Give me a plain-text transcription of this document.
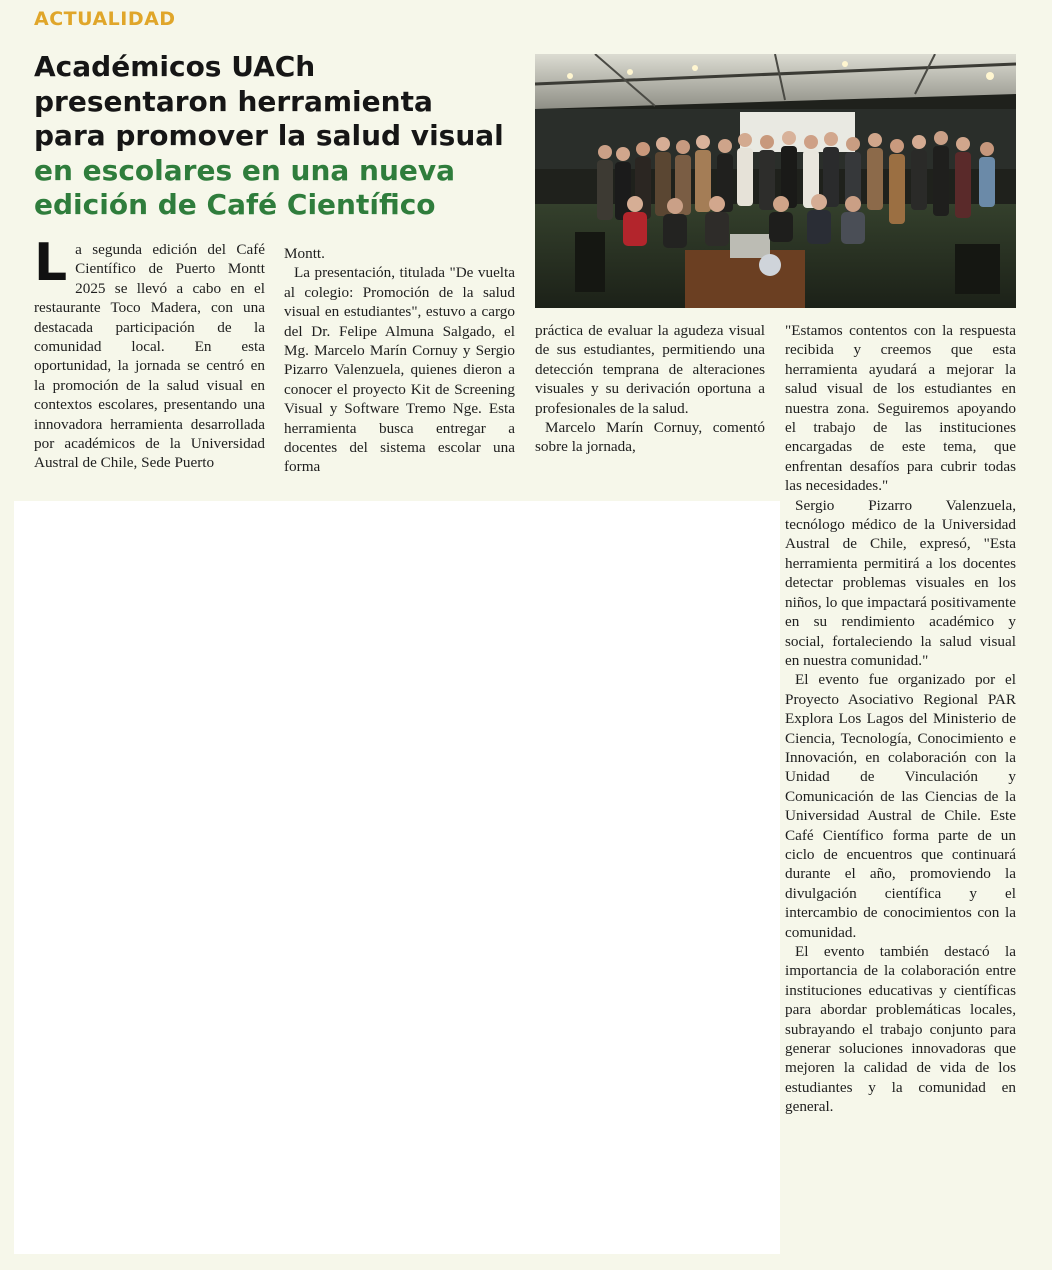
ACTUALIDAD
Académicos UACh presentaron herramienta para promover la salud visual en escolares en una nueva edición de Café Científico

La segunda edición del Café Científico de Puerto Montt 2025 se llevó a cabo en el restaurante Toco Madera, con una destacada participación de la comunidad local. En esta oportunidad, la jornada se centró en la promoción de la salud visual en contextos escolares, presentando una innovadora herramienta desarrollada por académicos de la Universidad Austral de Chile, Sede Puerto

Montt.

La presentación, titulada "De vuelta al colegio: Promoción de la salud visual en estudiantes", estuvo a cargo del Dr. Felipe Almuna Salgado, el Mg. Marcelo Marín Cornuy y Sergio Pizarro Valenzuela, quienes dieron a conocer el proyecto Kit de Screening Visual y Software Tremo Nge. Esta herramienta busca entregar a docentes del sistema escolar una forma

práctica de evaluar la agudeza visual de sus estudiantes, permitiendo una detección temprana de alteraciones visuales y su derivación oportuna a profesionales de la salud.

Marcelo Marín Cornuy, comentó sobre la jornada,

"Estamos contentos con la respuesta recibida y creemos que esta herramienta ayudará a mejorar la salud visual de los estudiantes en nuestra zona. Seguiremos apoyando el trabajo de las instituciones encargadas de este tema, que enfrentan desafíos para cubrir todas las necesidades."

Sergio Pizarro Valenzuela, tecnólogo médico de la Universidad Austral de Chile, expresó, "Esta herramienta permitirá a los docentes detectar problemas visuales en los niños, lo que impactará positivamente en su rendimiento académico y social, fortaleciendo la salud visual en nuestra comunidad."

El evento fue organizado por el Proyecto Asociativo Regional PAR Explora Los Lagos del Ministerio de Ciencia, Tecnología, Conocimiento e Innovación, en colaboración con la Unidad de Vinculación y Comunicación de las Ciencias de la Universidad Austral de Chile. Este Café Científico forma parte de un ciclo de encuentros que continuará durante el año, promoviendo la divulgación científica y el intercambio de conocimientos con la comunidad.

El evento también destacó la importancia de la colaboración entre instituciones educativas y científicas para abordar problemáticas locales, subrayando el trabajo conjunto para generar soluciones innovadoras que mejoren la calidad de vida de los estudiantes y la comunidad en general.
